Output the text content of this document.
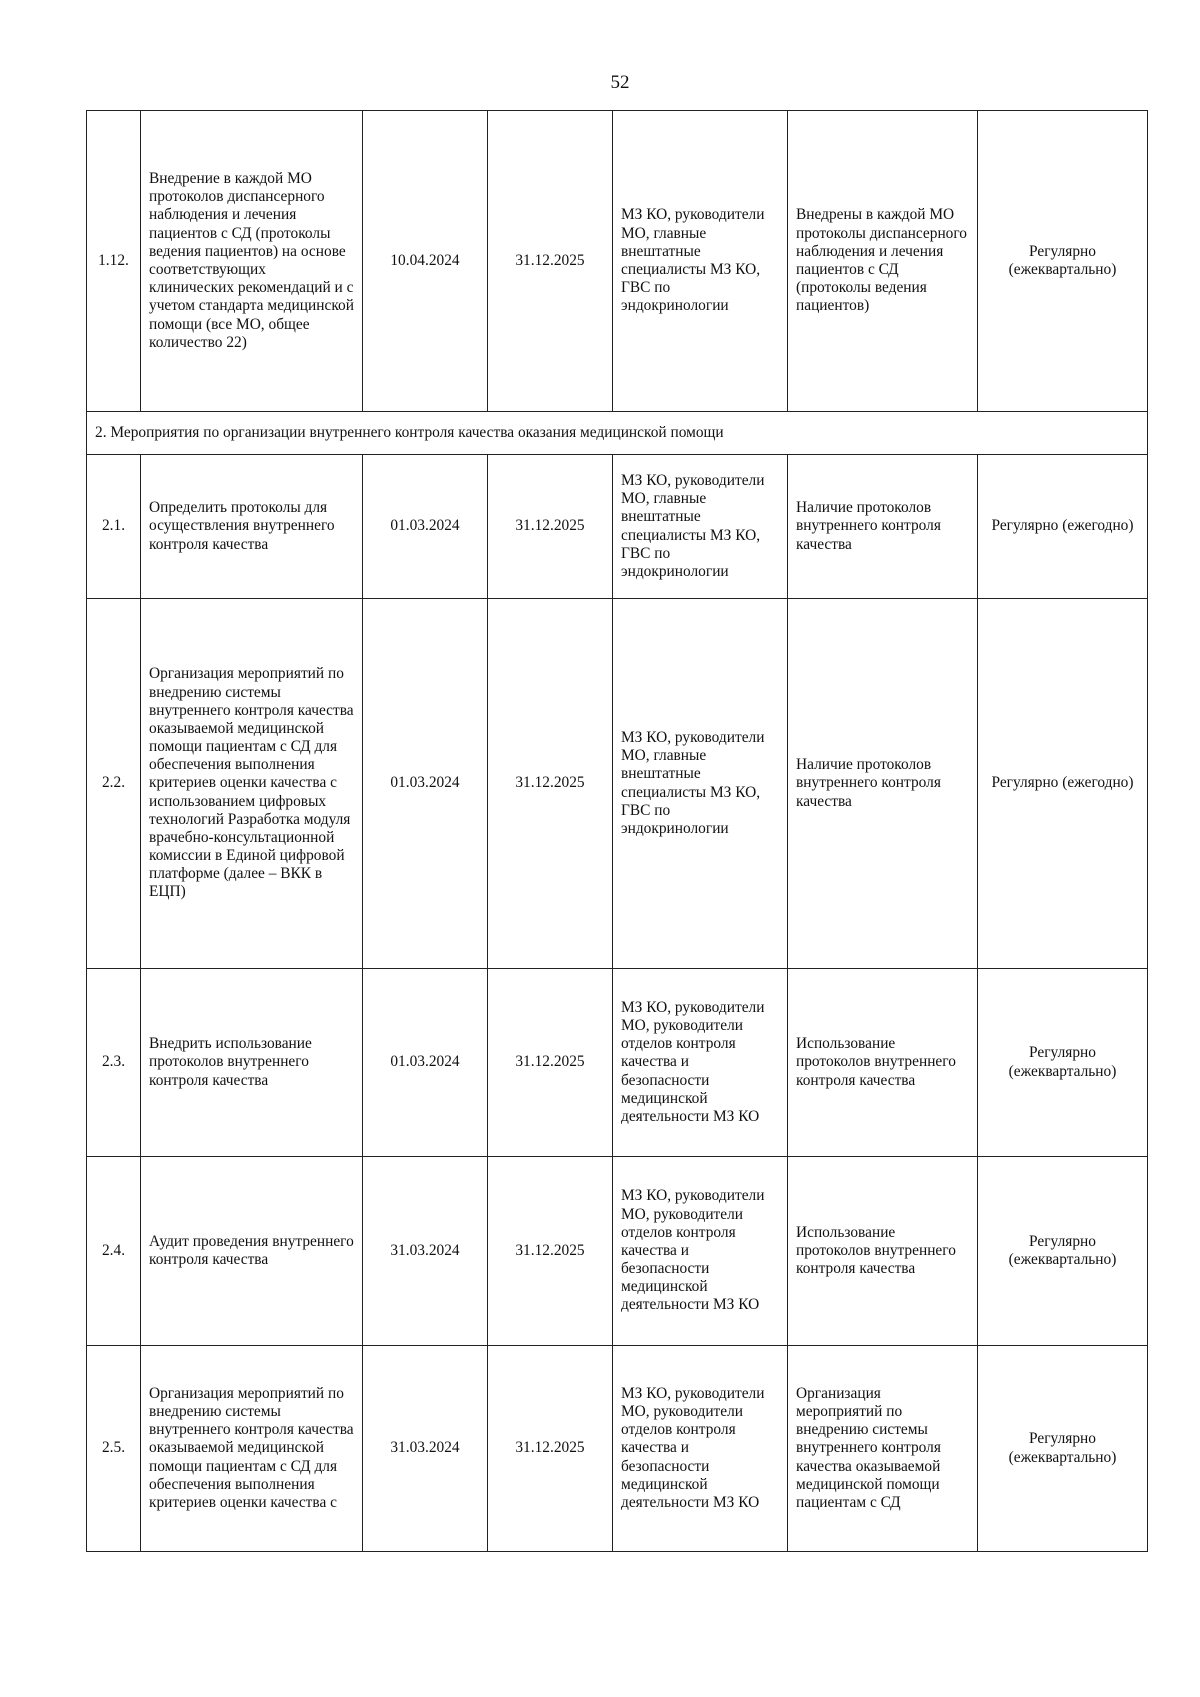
52
1.12.	Внедрение в каждой МО протоколов диспансерного наблюдения и лечения пациентов с СД (протоколы ведения пациентов) на основе соответствующих клинических рекомендаций и с учетом стандарта медицинской помощи (все МО, общее количество 22)	10.04.2024	31.12.2025	МЗ КО, руководители МО, главные внештатные специалисты МЗ КО, ГВС по эндокринологии	Внедрены в каждой МО протоколы диспансерного наблюдения и лечения пациентов с СД (протоколы ведения пациентов)	Регулярно (ежеквартально)
2. Мероприятия по организации внутреннего контроля качества оказания медицинской помощи						
2.1.	Определить протоколы для осуществления внутреннего контроля качества	01.03.2024	31.12.2025	МЗ КО, руководители МО, главные внештатные специалисты МЗ КО, ГВС по эндокринологии	Наличие протоколов внутреннего контроля качества	Регулярно (ежегодно)
2.2.	Организация мероприятий по внедрению системы внутреннего контроля качества оказываемой медицинской помощи пациентам с СД для обеспечения выполнения критериев оценки качества с использованием цифровых технологий Разработка модуля врачебно-консультационной комиссии в Единой цифровой платформе (далее – ВКК в ЕЦП)	01.03.2024	31.12.2025	МЗ КО, руководители МО, главные внештатные специалисты МЗ КО, ГВС по эндокринологии	Наличие протоколов внутреннего контроля качества	Регулярно (ежегодно)
2.3.	Внедрить использование протоколов внутреннего контроля качества	01.03.2024	31.12.2025	МЗ КО, руководители МО, руководители отделов контроля качества и безопасности медицинской деятельности МЗ КО	Использование протоколов внутреннего контроля качества	Регулярно (ежеквартально)
2.4.	Аудит проведения внутреннего контроля качества	31.03.2024	31.12.2025	МЗ КО, руководители МО, руководители отделов контроля качества и безопасности медицинской деятельности МЗ КО	Использование протоколов внутреннего контроля качества	Регулярно (ежеквартально)
2.5.	Организация мероприятий по внедрению системы внутреннего контроля качества оказываемой медицинской помощи пациентам с СД для обеспечения выполнения критериев оценки качества с	31.03.2024	31.12.2025	МЗ КО, руководители МО, руководители отделов контроля качества и безопасности медицинской деятельности МЗ КО	Организация мероприятий по внедрению системы внутреннего контроля качества оказываемой медицинской помощи пациентам с СД	Регулярно (ежеквартально)
